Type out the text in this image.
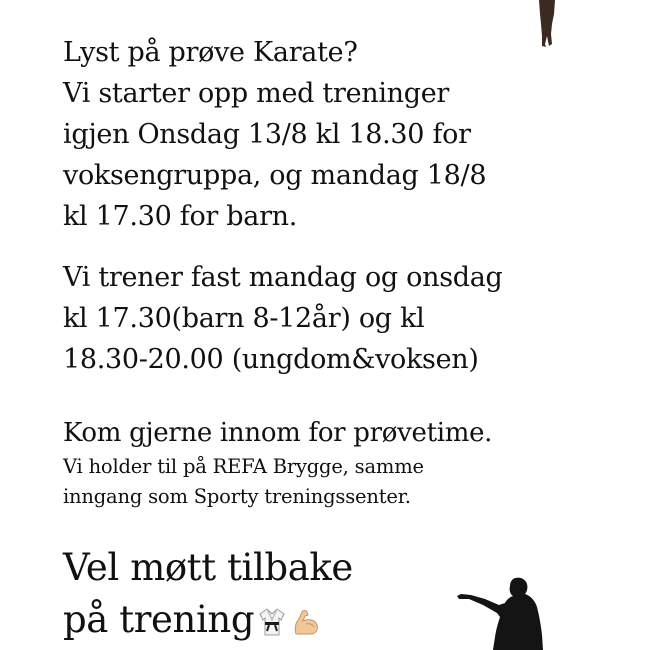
Lyst på prøve Karate?
Vi starter opp med treninger
igjen Onsdag 13/8 kl 18.30 for
voksengruppa, og mandag 18/8
kl 17.30 for barn.

Vi trener fast mandag og onsdag
kl 17.30(barn 8-12år) og kl
18.30-20.00 (ungdom&voksen)

Kom gjerne innom for prøvetime.

Vi holder til på REFA Brygge, samme
inngang som Sporty treningssenter.

Vel møtt tilbake
på trening
